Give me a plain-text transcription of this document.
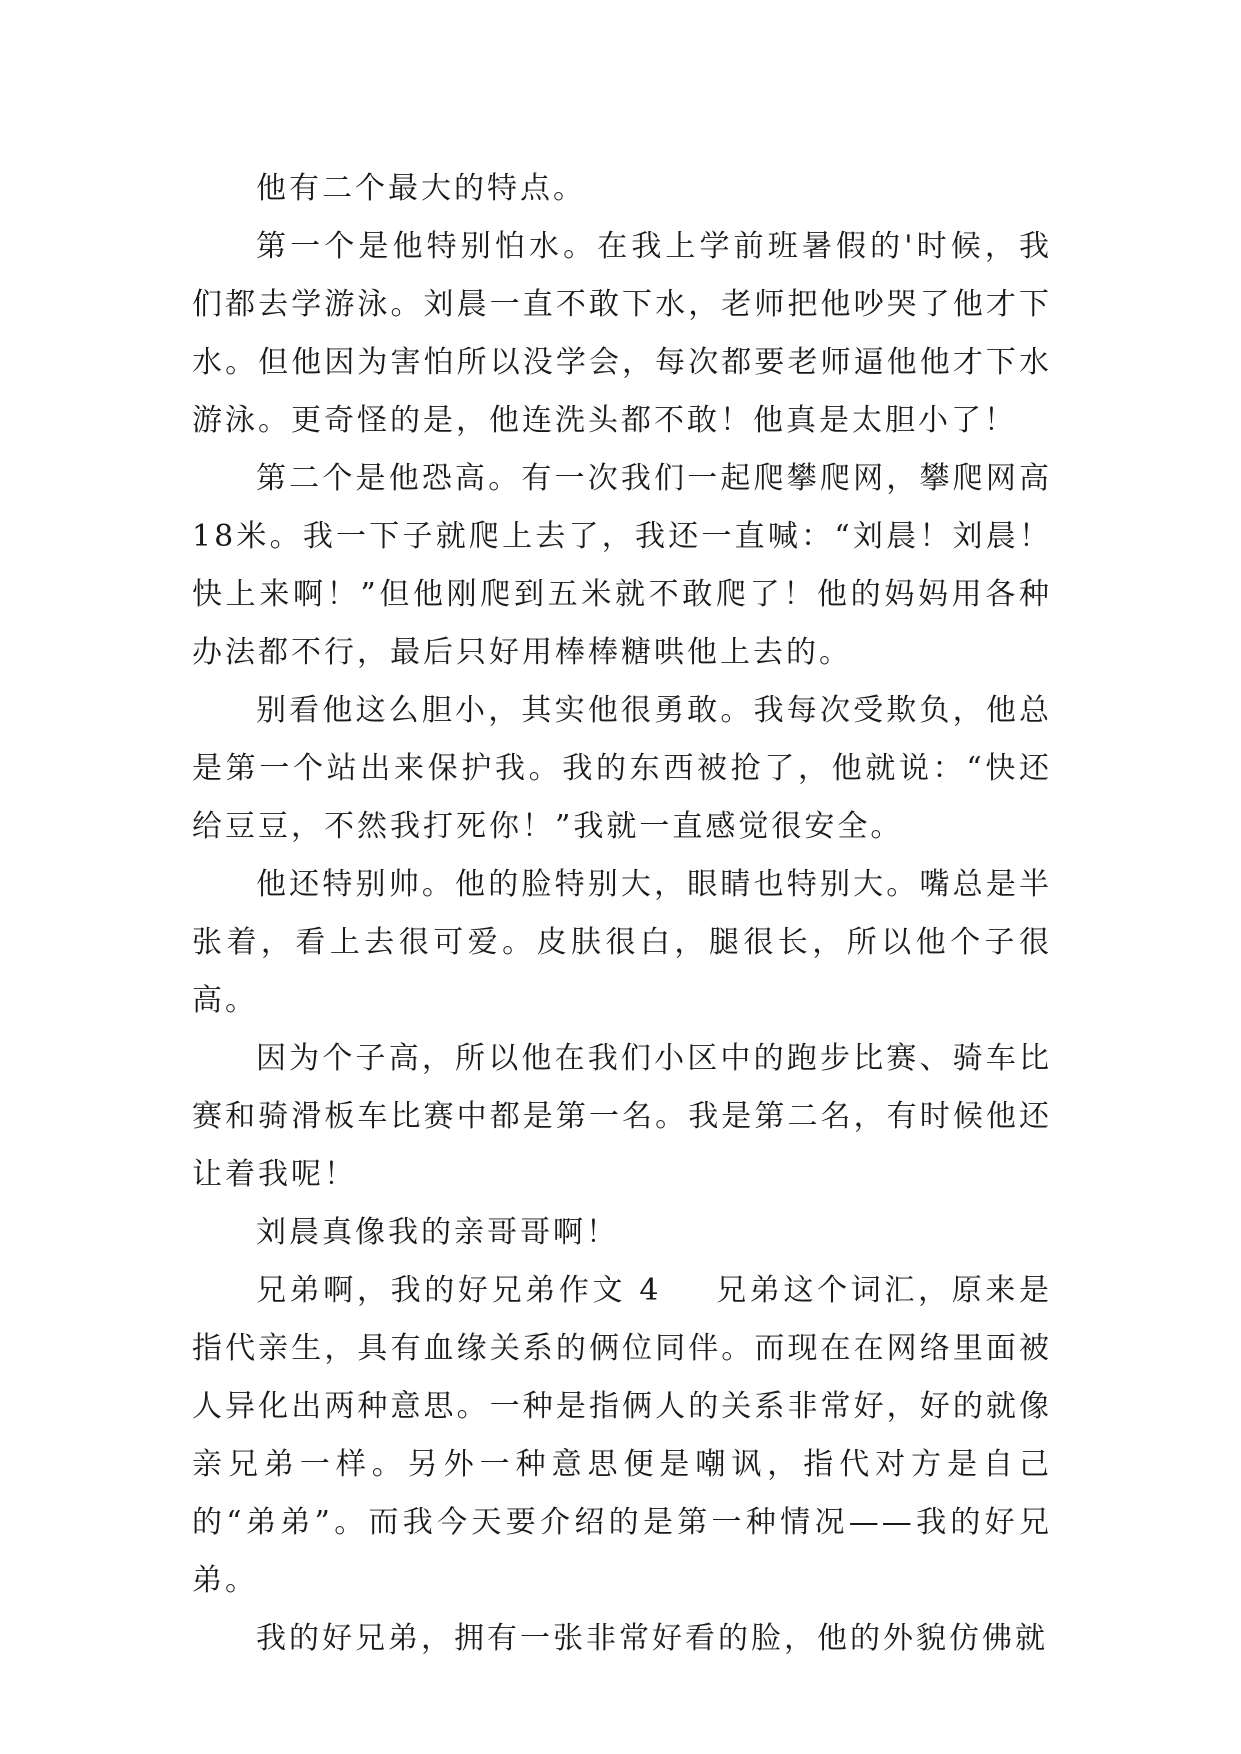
他有二个最大的特点。

第一个是他特别怕水。在我上学前班暑假的'时候，我们都去学游泳。刘晨一直不敢下水，老师把他吵哭了他才下水。但他因为害怕所以没学会，每次都要老师逼他他才下水游泳。更奇怪的是，他连洗头都不敢！他真是太胆小了！

第二个是他恐高。有一次我们一起爬攀爬网，攀爬网高18米。我一下子就爬上去了，我还一直喊：“刘晨！刘晨！快上来啊！”但他刚爬到五米就不敢爬了！他的妈妈用各种办法都不行，最后只好用棒棒糖哄他上去的。

别看他这么胆小，其实他很勇敢。我每次受欺负，他总是第一个站出来保护我。我的东西被抢了，他就说：“快还给豆豆，不然我打死你！”我就一直感觉很安全。

他还特别帅。他的脸特别大，眼睛也特别大。嘴总是半张着，看上去很可爱。皮肤很白，腿很长，所以他个子很高。

因为个子高，所以他在我们小区中的跑步比赛、骑车比赛和骑滑板车比赛中都是第一名。我是第二名，有时候他还让着我呢！

刘晨真像我的亲哥哥啊！

兄弟啊，我的好兄弟作文 4 兄弟这个词汇，原来是指代亲生，具有血缘关系的俩位同伴。而现在在网络里面被人异化出两种意思。一种是指俩人的关系非常好，好的就像亲兄弟一样。另外一种意思便是嘲讽，指代对方是自己的“弟弟”。而我今天要介绍的是第一种情况——我的好兄弟。

我的好兄弟，拥有一张非常好看的脸，他的外貌仿佛就
